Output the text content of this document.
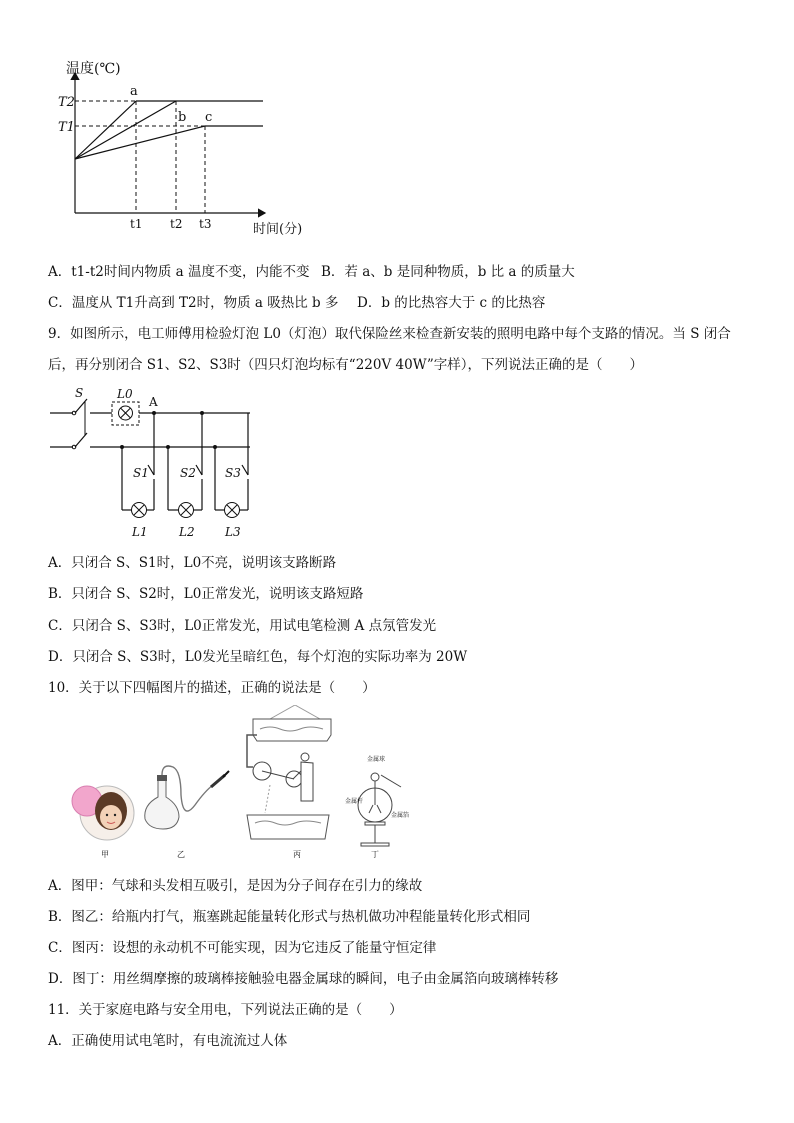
温度(℃)
时间(分)
T2
T1
a
b c
t1 t2 t3
A．t1-t2时间内物质 a 温度不变，内能不变 B．若 a、b 是同种物质，b 比 a 的质量大
C．温度从 T1升高到 T2时，物质 a 吸热比 b 多 D．b 的比热容大于 c 的比热容
9．如图所示，电工师傅用检验灯泡 L0（灯泡）取代保险丝来检查新安装的照明电路中每个支路的情况。当 S 闭合
后，再分别闭合 S1、S2、S3时（四只灯泡均标有“220V 40W”字样），下列说法正确的是（　　）
S	L0
A
S1
L1
S2
L2
S3
L3
A．只闭合 S、S1时，L0不亮，说明该支路断路
B．只闭合 S、S2时，L0正常发光，说明该支路短路
C．只闭合 S、S3时，L0正常发光，用试电笔检测 A 点氖管发光
D．只闭合 S、S3时，L0发光呈暗红色，每个灯泡的实际功率为 20W
10．关于以下四幅图片的描述，正确的说法是（　　）
甲	乙	丙
金属球
金属杆
金属箔
丁
A．图甲：气球和头发相互吸引，是因为分子间存在引力的缘故
B．图乙：给瓶内打气，瓶塞跳起能量转化形式与热机做功冲程能量转化形式相同
C．图丙：设想的永动机不可能实现，因为它违反了能量守恒定律
D．图丁：用丝绸摩擦的玻璃棒接触验电器金属球的瞬间，电子由金属箔向玻璃棒转移
11．关于家庭电路与安全用电，下列说法正确的是（　　）
A．正确使用试电笔时，有电流流过人体
